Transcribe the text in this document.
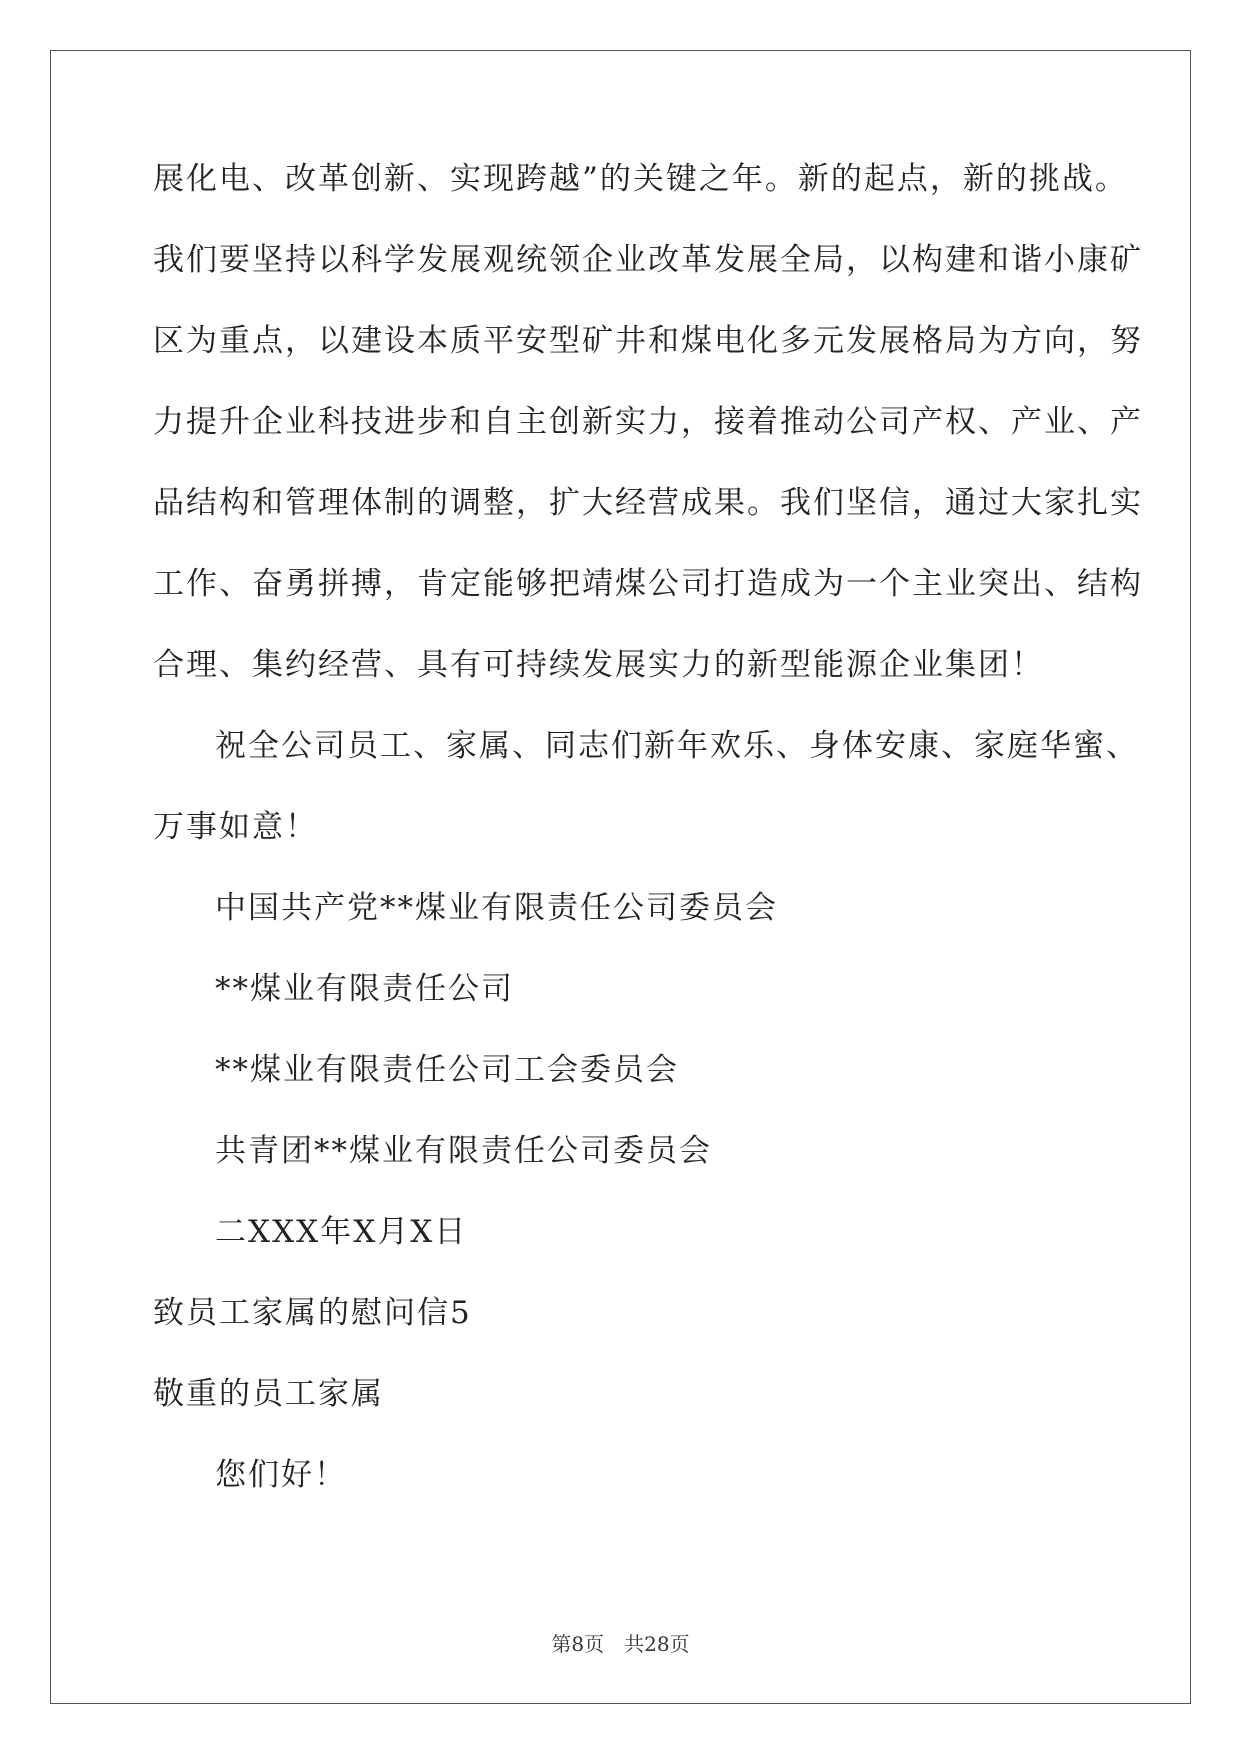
展化电、改革创新、实现跨越”的关键之年。新的起点，新的挑战。
我们要坚持以科学发展观统领企业改革发展全局，以构建和谐小康矿
区为重点，以建设本质平安型矿井和煤电化多元发展格局为方向，努
力提升企业科技进步和自主创新实力，接着推动公司产权、产业、产
品结构和管理体制的调整，扩大经营成果。我们坚信，通过大家扎实
工作、奋勇拼搏，肯定能够把靖煤公司打造成为一个主业突出、结构
合理、集约经营、具有可持续发展实力的新型能源企业集团！
祝全公司员工、家属、同志们新年欢乐、身体安康、家庭华蜜、
万事如意！
中国共产党**煤业有限责任公司委员会
**煤业有限责任公司
**煤业有限责任公司工会委员会
共青团**煤业有限责任公司委员会
二XXX年X月X日
致员工家属的慰问信5
敬重的员工家属
您们好！
第8页　共28页
